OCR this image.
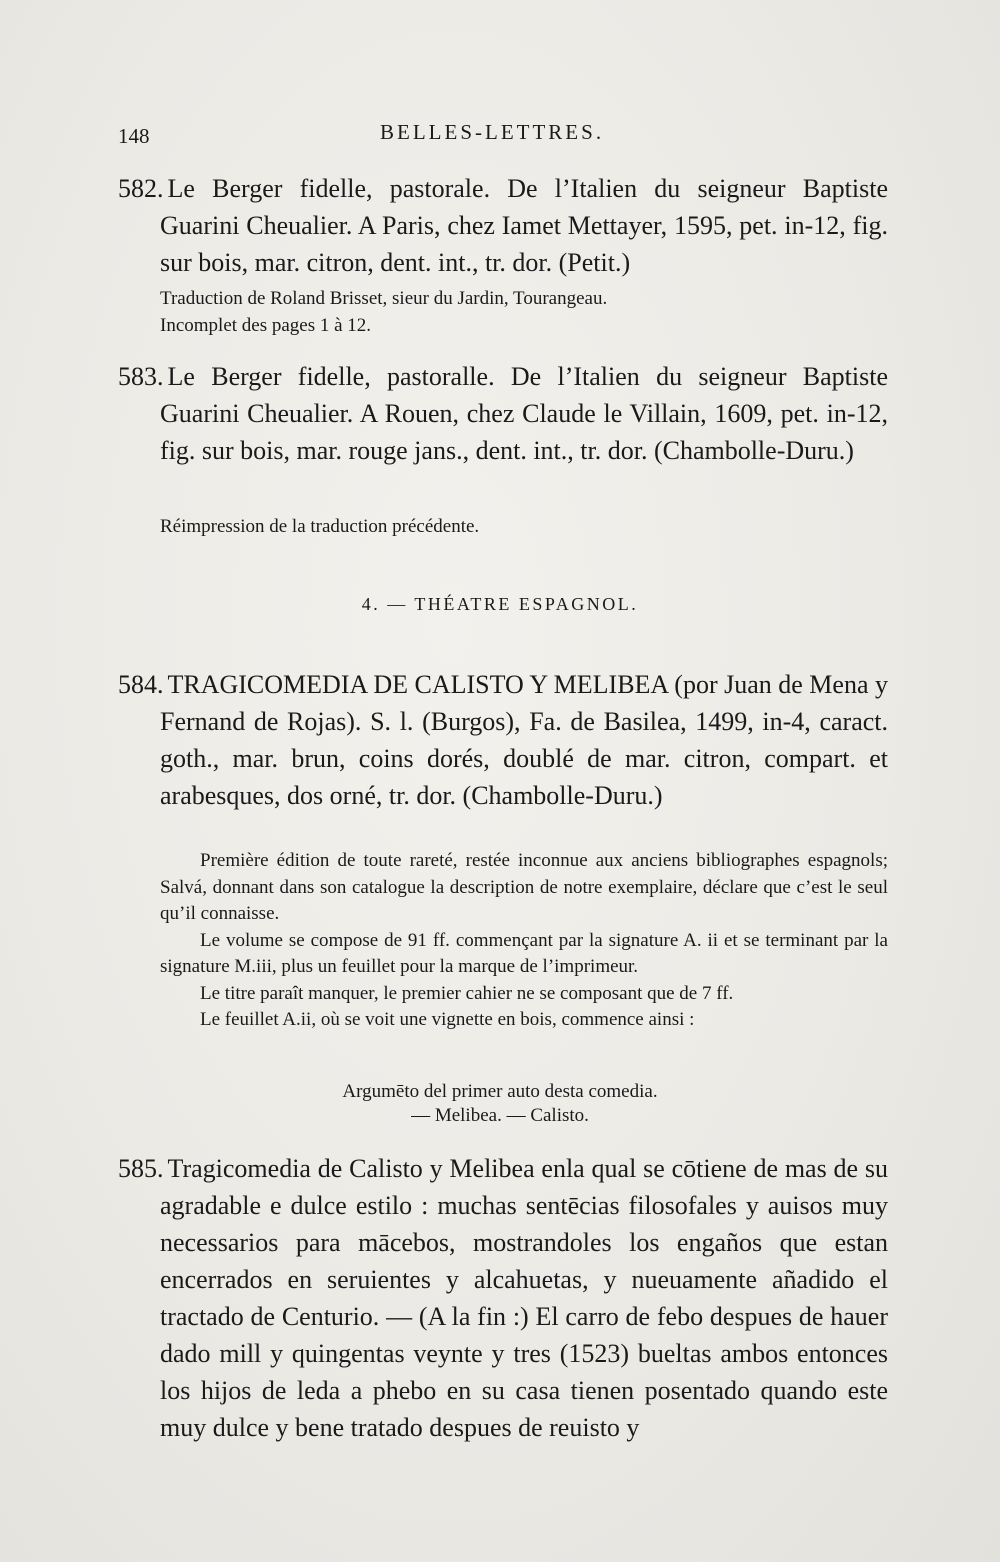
148	BELLES-LETTRES.
582. Le Berger fidelle, pastorale. De l’Italien du seigneur Baptiste Guarini Cheualier. A Paris, chez Iamet Mettayer, 1595, pet. in-12, fig. sur bois, mar. citron, dent. int., tr. dor. (Petit.)
Traduction de Roland Brisset, sieur du Jardin, Tourangeau.
Incomplet des pages 1 à 12.
583. Le Berger fidelle, pastoralle. De l’Italien du seigneur Baptiste Guarini Cheualier. A Rouen, chez Claude le Villain, 1609, pet. in-12, fig. sur bois, mar. rouge jans., dent. int., tr. dor. (Chambolle-Duru.)
Réimpression de la traduction précédente.
4. — THÉATRE ESPAGNOL.
584. TRAGICOMEDIA DE CALISTO Y MELIBEA (por Juan de Mena y Fernand de Rojas). S. l. (Burgos), Fa. de Basilea, 1499, in-4, caract. goth., mar. brun, coins dorés, doublé de mar. citron, compart. et arabesques, dos orné, tr. dor. (Chambolle-Duru.)
Première édition de toute rareté, restée inconnue aux anciens bibliographes espagnols; Salvá, donnant dans son catalogue la description de notre exemplaire, déclare que c’est le seul qu’il connaisse.
Le volume se compose de 91 ff. commençant par la signature A. ii et se terminant par la signature M.iii, plus un feuillet pour la marque de l’imprimeur.
Le titre paraît manquer, le premier cahier ne se composant que de 7 ff.
Le feuillet A.ii, où se voit une vignette en bois, commence ainsi :
Argumēto del primer auto desta comedia.
— Melibea. — Calisto.
585. Tragicomedia de Calisto y Melibea enla qual se cōtiene de mas de su agradable e dulce estilo : muchas sentēcias filosofales y auisos muy necessarios para mācebos, mostrandoles los engaños que estan encerrados en seruientes y alcahuetas, y nueuamente añadido el tractado de Centurio. — (A la fin :) El carro de febo despues de hauer dado mill y quingentas veynte y tres (1523) bueltas ambos entonces los hijos de leda a phebo en su casa tienen posentado quando este muy dulce y bene tratado despues de reuisto y
